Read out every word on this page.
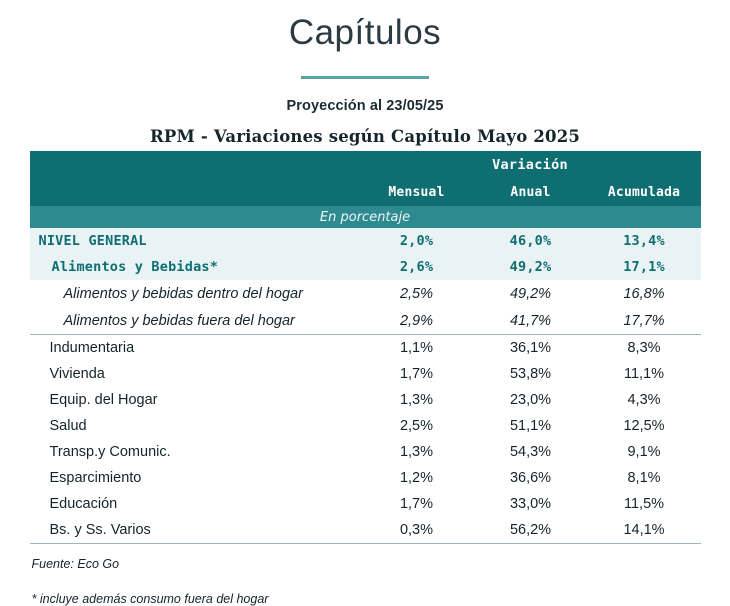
Capítulos
Proyección al 23/05/25
RPM - Variaciones según Capítulo Mayo 2025			
	Variación		
	Mensual	Anual	Acumulada
En porcentaje			
NIVEL GENERAL	2,0%	46,0%	13,4%
Alimentos y Bebidas*	2,6%	49,2%	17,1%
Alimentos y bebidas dentro del hogar	2,5%	49,2%	16,8%
Alimentos y bebidas fuera del hogar	2,9%	41,7%	17,7%
Indumentaria	1,1%	36,1%	8,3%
Vivienda	1,7%	53,8%	11,1%
Equip. del Hogar	1,3%	23,0%	4,3%
Salud	2,5%	51,1%	12,5%
Transp.y Comunic.	1,3%	54,3%	9,1%
Esparcimiento	1,2%	36,6%	8,1%
Educación	1,7%	33,0%	11,5%
Bs. y Ss. Varios	0,3%	56,2%	14,1%

Fuente: Eco Go
* incluye además consumo fuera del hogar
